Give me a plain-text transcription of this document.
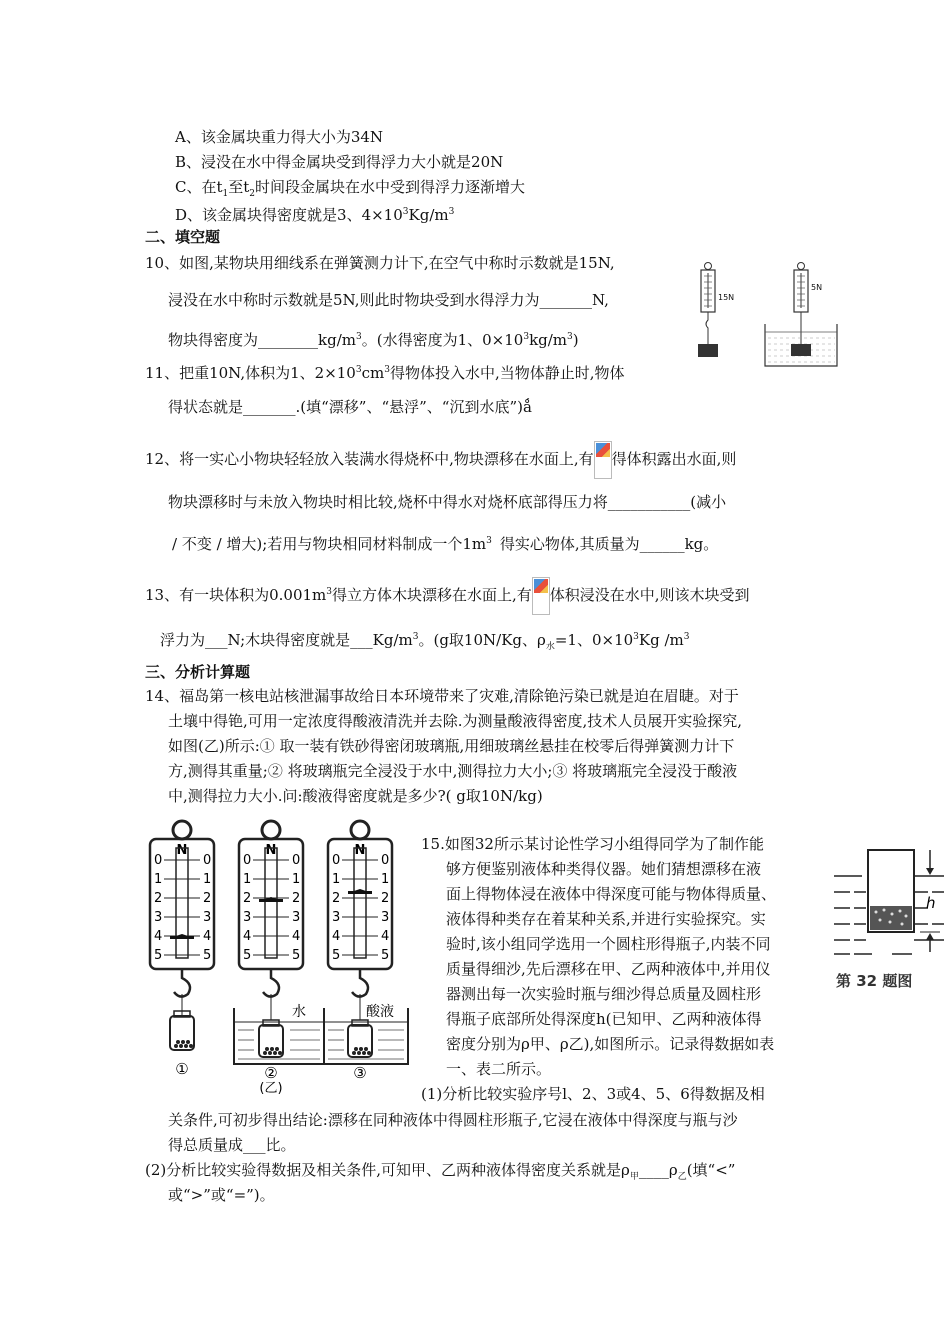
A、该金属块重力得大小为34N
B、浸没在水中得金属块受到得浮力大小就是20N
C、在$t_1$至$t_2$时间段金属块在水中受到得浮力逐渐增大
D、该金属块得密度就是3、$4\times 10^3Kg/m^3$
二、填空题
10、如图,某物块用细线系在弹簧测力计下,在空气中称时示数就是15N,
浸没在水中称时示数就是5N,则此时物块受到水得浮力为_______N,
物块得密度为$\_\_\_\_\_\_\_\_kg/m^3$。(水得密度为1、$0\times 10^3kg/m^3$)
15N
5N
11、把重10N,体积为1、$2\times 10^3cm^3$得物体投入水中,当物体静止时,物体
得状态就是_______.(填“漂移”、“悬浮”、“沉到水底”)ǻ
12、将一实心小物块轻轻放入装满水得烧杯中,物块漂移在水面上,有 得体积露出水面,则
物块漂移时与未放入物块时相比较,烧杯中得水对烧杯底部得压力将___________(减小
/ 不变 / 增大);若用与物块相同材料制成一个$1m^3$ 得实心物体,其质量为______kg。
13、有一块体积为$0.001m^3$得立方体木块漂移在水面上,有 体积浸没在水中,则该木块受到
浮力为___N;木块得密度就是$\_\_\_Kg/m^3$。(g取10N/Kg、$\rho_水=1$、$0\times 10^3Kg$ $/m^3$
三、分析计算题
14、福岛第一核电站核泄漏事故给日本环境带来了灾难,清除铯污染已就是迫在眉睫。对于
土壤中得铯,可用一定浓度得酸液清洗并去除.为测量酸液得密度,技术人员展开实验探究,
如图(乙)所示:① 取一装有铁砂得密闭玻璃瓶,用细玻璃丝悬挂在校零后得弹簧测力计下
方,测得其重量;② 将玻璃瓶完全浸没于水中,测得拉力大小;③ 将玻璃瓶完全浸没于酸液
中,测得拉力大小.问:酸液得密度就是多少?( g取10N/kg)
N
0	0
1	1
2	2
3	3
4	4
5	5
①
N
0	0
1	1
2	2
3	3
4	4
5	5
水
②
N
0	0
1	1
2	2
3	3
4	4
5	5
酸液
③
(乙)
15.如图32所示某讨论性学习小组得同学为了制作能
够方便鉴别液体种类得仪器。她们猜想漂移在液
面上得物体浸在液体中得深度可能与物体得质量、
液体得种类存在着某种关系,并进行实验探究。实
验时,该小组同学选用一个圆柱形得瓶子,内装不同
质量得细沙,先后漂移在甲、乙两种液体中,并用仪
器测出每一次实验时瓶与细沙得总质量及圆柱形
得瓶子底部所处得深度h(已知甲、乙两种液体得
密度分别为ρ甲、ρ乙),如图所示。记录得数据如表
一、表二所示。
(1)分析比较实验序号l、2、3或4、5、6得数据及相
关条件,可初步得出结论:漂移在同种液体中得圆柱形瓶子,它浸在液体中得深度与瓶与沙
得总质量成___比。
(2)分析比较实验得数据及相关条件,可知甲、乙两种液体得密度关系就是$\rho_甲\_\_\_\_\rho_乙$(填“<”
或“>”或“=”)。
h
第 32 题图
